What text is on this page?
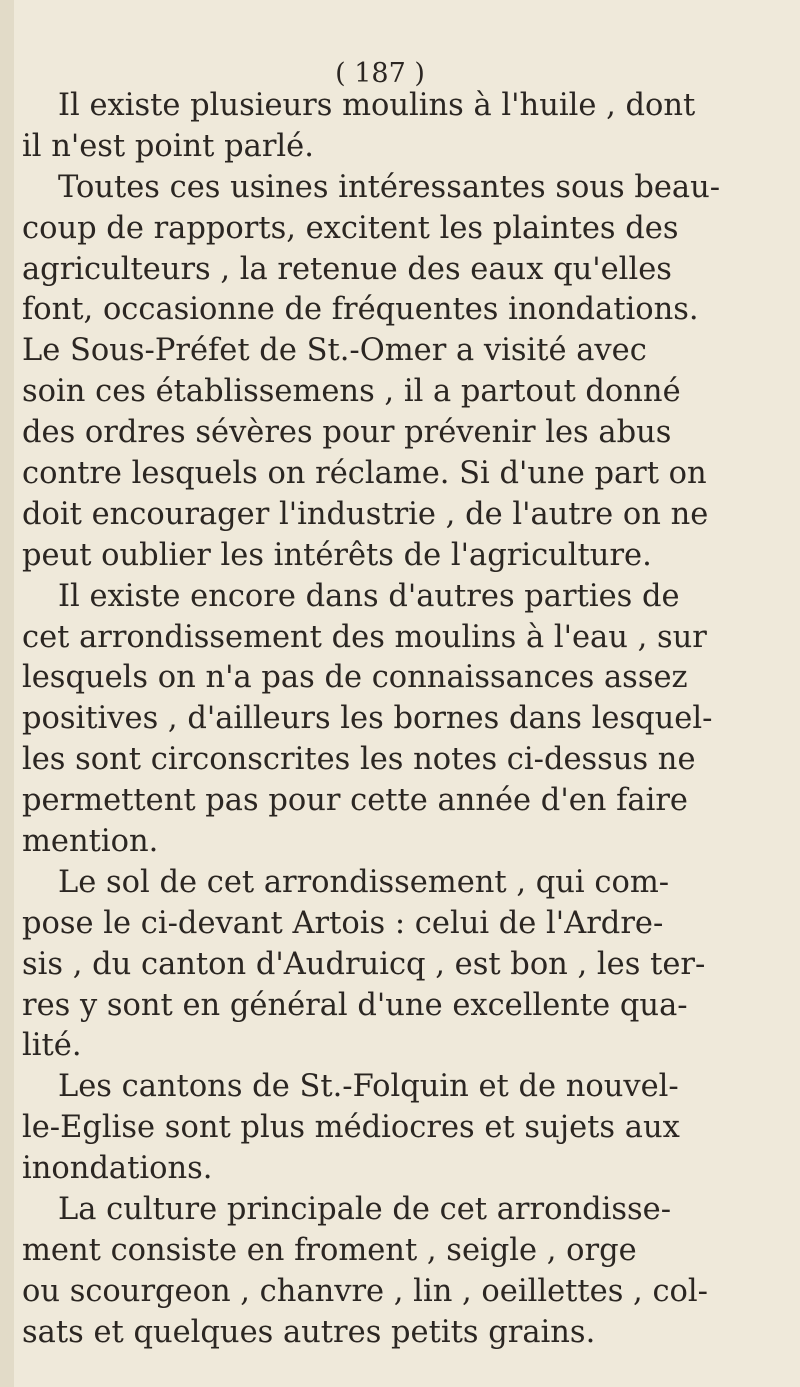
( 187 )
Il existe plusieurs moulins à l'huile , dont
il n'est point parlé.
Toutes ces usines intéressantes sous beau-
coup de rapports, excitent les plaintes des
agriculteurs , la retenue des eaux qu'elles
font, occasionne de fréquentes inondations.
Le Sous-Préfet de St.-Omer a visité avec
soin ces établissemens , il a partout donné
des ordres sévères pour prévenir les abus
contre lesquels on réclame. Si d'une part on
doit encourager l'industrie , de l'autre on ne
peut oublier les intérêts de l'agriculture.
Il existe encore dans d'autres parties de
cet arrondissement des moulins à l'eau , sur
lesquels on n'a pas de connaissances assez
positives , d'ailleurs les bornes dans lesquel-
les sont circonscrites les notes ci-dessus ne
permettent pas pour cette année d'en faire
mention.
Le sol de cet arrondissement , qui com-
pose le ci-devant Artois : celui de l'Ardre-
sis , du canton d'Audruicq , est bon , les ter-
res y sont en général d'une excellente qua-
lité.
Les cantons de St.-Folquin et de nouvel-
le-Eglise sont plus médiocres et sujets aux
inondations.
La culture principale de cet arrondisse-
ment consiste en froment , seigle , orge
ou scourgeon , chanvre , lin , oeillettes , col-
sats et quelques autres petits grains.
